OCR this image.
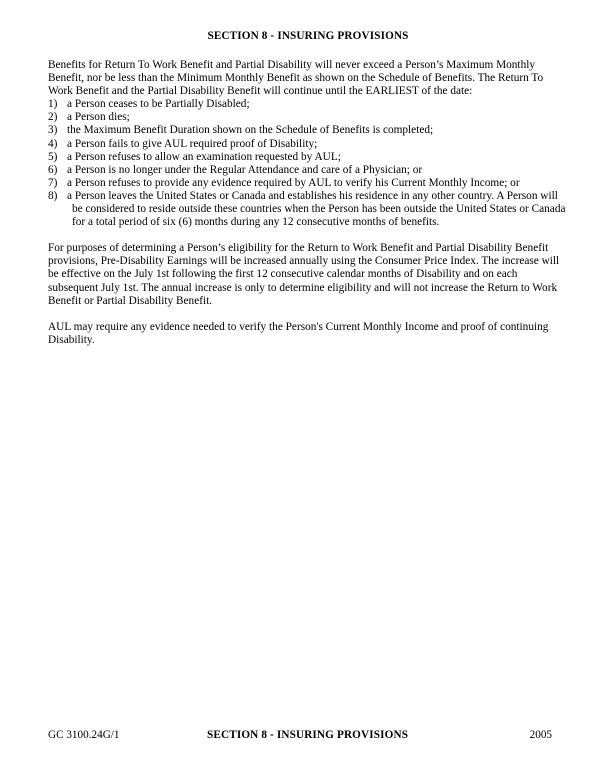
SECTION 8 - INSURING PROVISIONS

Benefits for Return To Work Benefit and Partial Disability will never exceed a Person’s Maximum Monthly Benefit, nor be less than the Minimum Monthly Benefit as shown on the Schedule of Benefits. The Return To Work Benefit and the Partial Disability Benefit will continue until the EARLIEST of the date:

1) a Person ceases to be Partially Disabled;
2) a Person dies;
3) the Maximum Benefit Duration shown on the Schedule of Benefits is completed;
4) a Person fails to give AUL required proof of Disability;
5) a Person refuses to allow an examination requested by AUL;
6) a Person is no longer under the Regular Attendance and care of a Physician; or
7) a Person refuses to provide any evidence required by AUL to verify his Current Monthly Income; or
8) a Person leaves the United States or Canada and establishes his residence in any other country. A Person will be considered to reside outside these countries when the Person has been outside the United States or Canada for a total period of six (6) months during any 12 consecutive months of benefits.

For purposes of determining a Person’s eligibility for the Return to Work Benefit and Partial Disability Benefit provisions, Pre-Disability Earnings will be increased annually using the Consumer Price Index. The increase will be effective on the July 1st following the first 12 consecutive calendar months of Disability and on each subsequent July 1st. The annual increase is only to determine eligibility and will not increase the Return to Work Benefit or Partial Disability Benefit.

AUL may require any evidence needed to verify the Person's Current Monthly Income and proof of continuing Disability.

GC 3100.24G/1	SECTION 8 - INSURING PROVISIONS	2005
